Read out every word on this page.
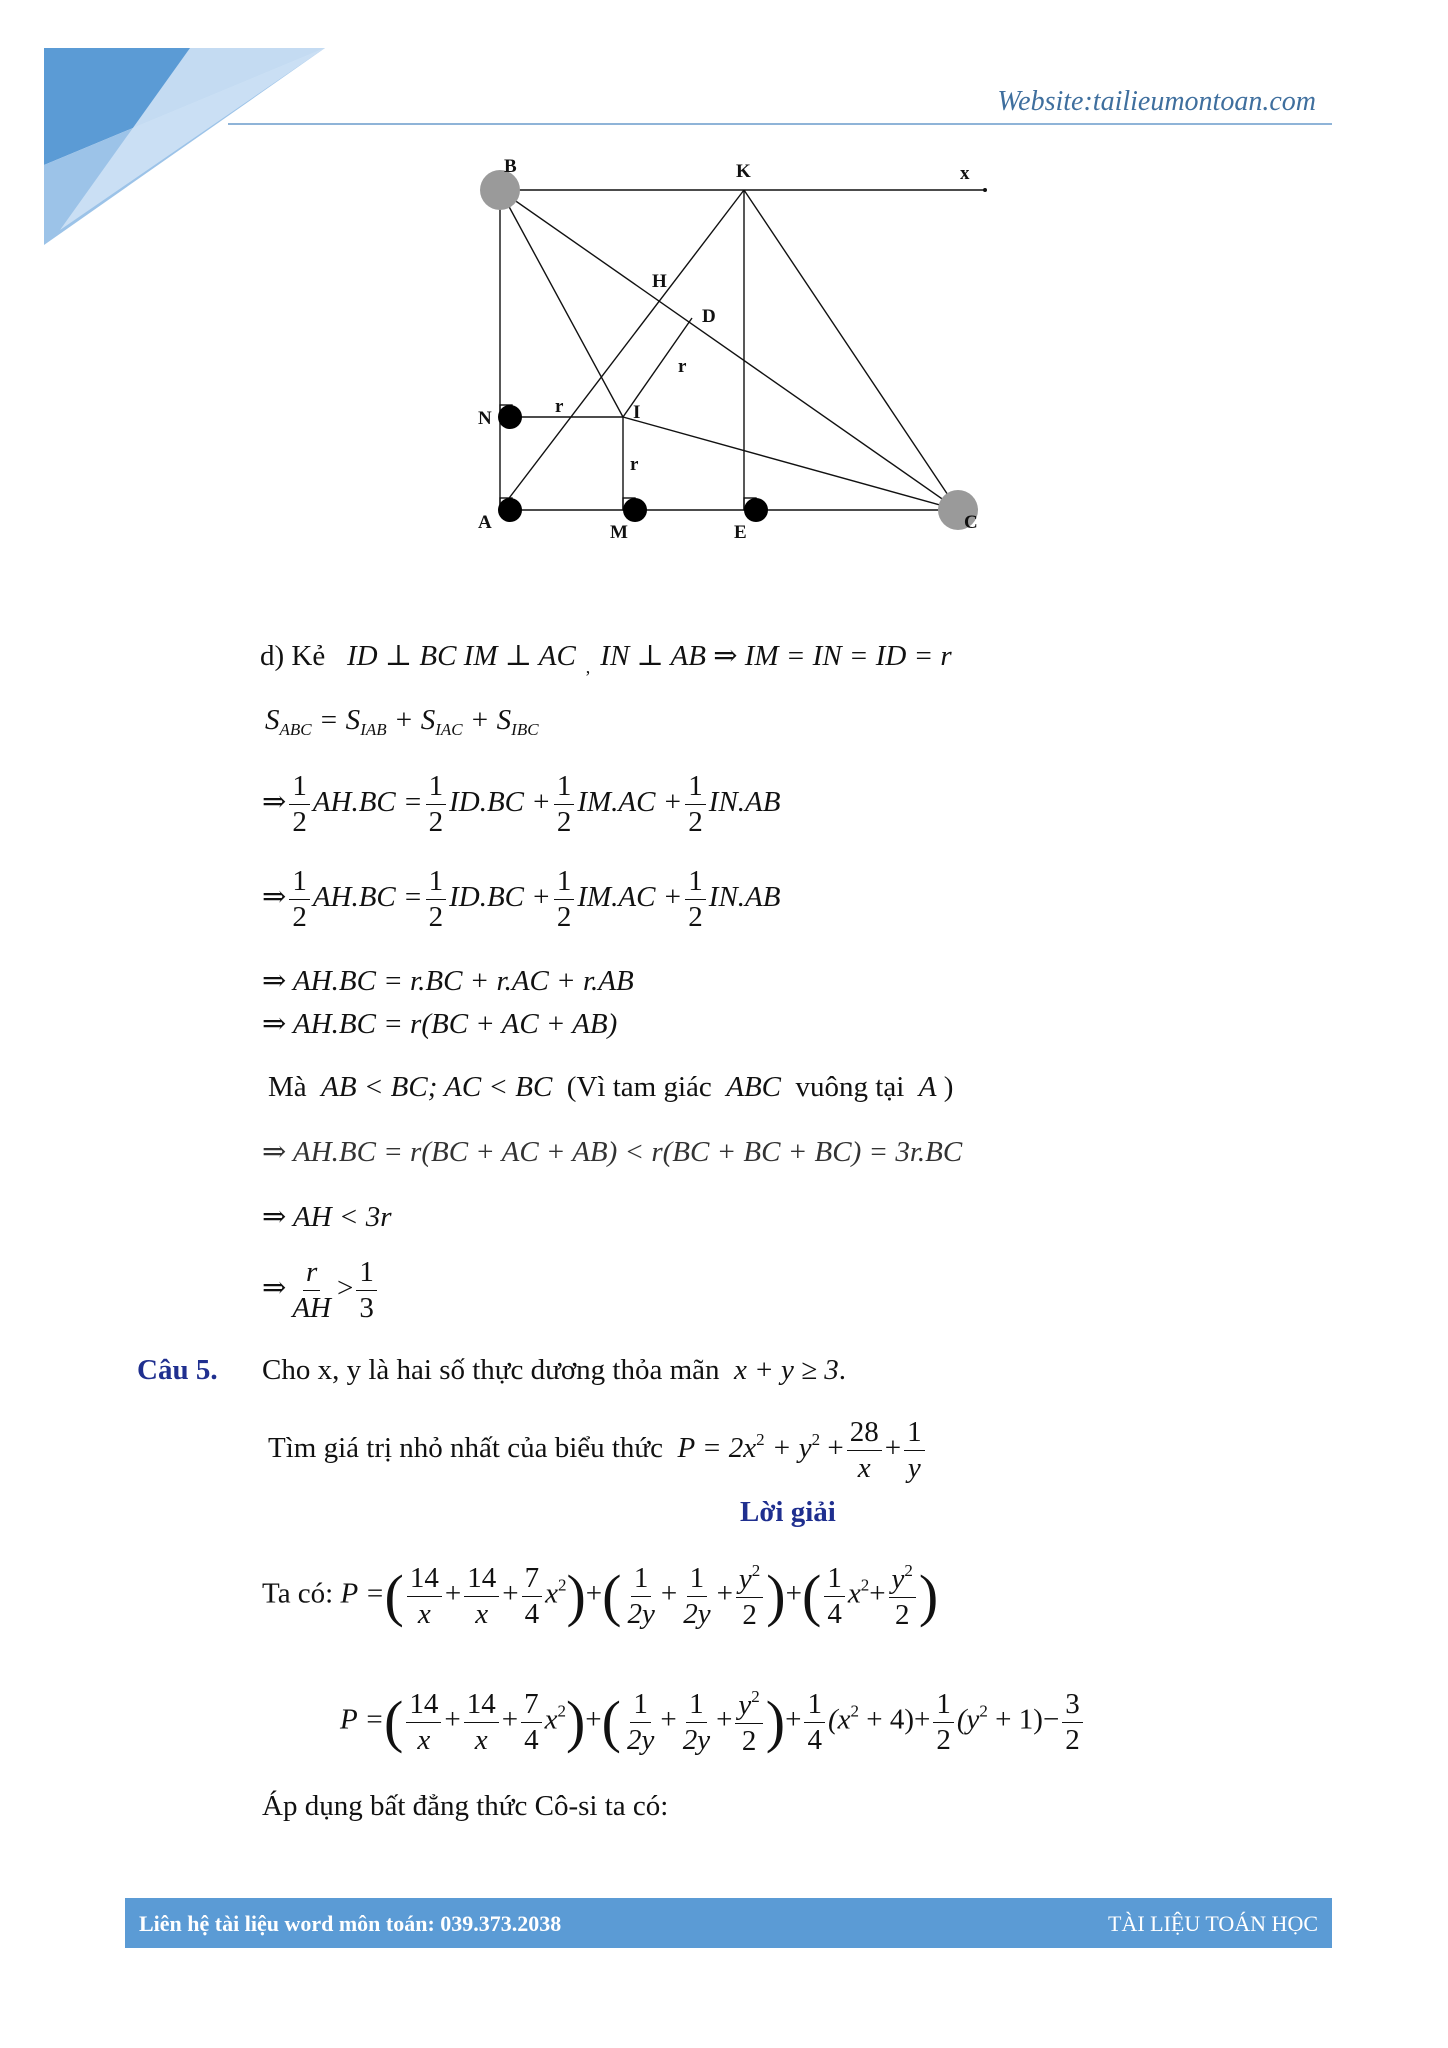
Website:tailieumontoan.com
B	K	x
H
D
r
N
r	I
r
A	M	E	C
d) Kẻ ID ⊥ BC IM ⊥ AC $_,$ IN ⊥ AB ⇒ IM = IN = ID = r
$S_{ABC} = S_{IAB} + S_{IAC} + S_{IBC}$
⇒ $\frac{1}{2} AH.BC = \frac{1}{2} ID.BC + \frac{1}{2} IM.AC + \frac{1}{2} IN.AB$
⇒ $\frac{1}{2} AH.BC = \frac{1}{2} ID.BC + \frac{1}{2} IM.AC + \frac{1}{2} IN.AB$
⇒ AH.BC = r.BC + r.AC + r.AB
⇒ AH.BC = r(BC + AC + AB)
Mà AB < BC; AC < BC (Vì tam giác ABC vuông tại A )
⇒ AH.BC = r(BC + AC + AB) < r(BC + BC + BC) = 3r.BC
⇒ AH < 3r
⇒ $\frac{r}{AH} > \frac{1}{3}$
Câu 5. Cho x, y là hai số thực dương thỏa mãn x + y ≥ 3.
Tìm giá trị nhỏ nhất của biểu thức $P = 2x^2 + y^2 + \frac{28}{x} + \frac{1}{y}$
Lời giải
Ta có: P =( $\frac{14}{x} + \frac{14}{x} + \frac{7}{4} x^2)+( \frac{1}{2y} + \frac{1}{2y} + \frac{y^2}{2}$ )+( $\frac{1}{4} x^2+ \frac{y^2}{2}$ )
P =( $\frac{14}{x} + \frac{14}{x} + \frac{7}{4} x^2)+( \frac{1}{2y} + \frac{1}{2y} + \frac{y^2}{2}$ )+ $\frac{1}{4} (x^2 + 4)+ \frac{1}{2} (y^2 + 1)- \frac{3}{2}$
Áp dụng bất đẳng thức Cô-si ta có:
Liên hệ tài liệu word môn toán: 039.373.2038	TÀI LIỆU TOÁN HỌC
